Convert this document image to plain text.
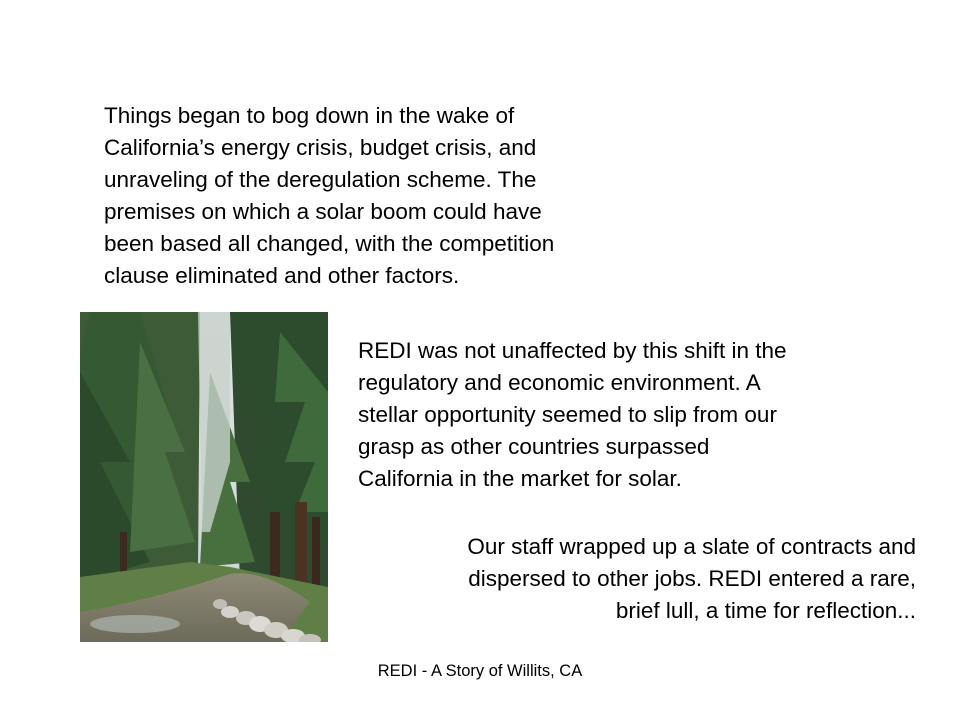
Things began to bog down in the wake of
California’s energy crisis, budget crisis, and
unraveling of the deregulation scheme. The
premises on which a solar boom could have
been based all changed, with the competition
clause eliminated and other factors.

REDI was not unaffected by this shift in the
regulatory and economic environment. A
stellar opportunity seemed to slip from our
grasp as other countries surpassed
California in the market for solar.

Our staff wrapped up a slate of contracts and
dispersed to other jobs. REDI entered a rare,
brief lull, a time for reflection...

REDI - A Story of Willits, CA
